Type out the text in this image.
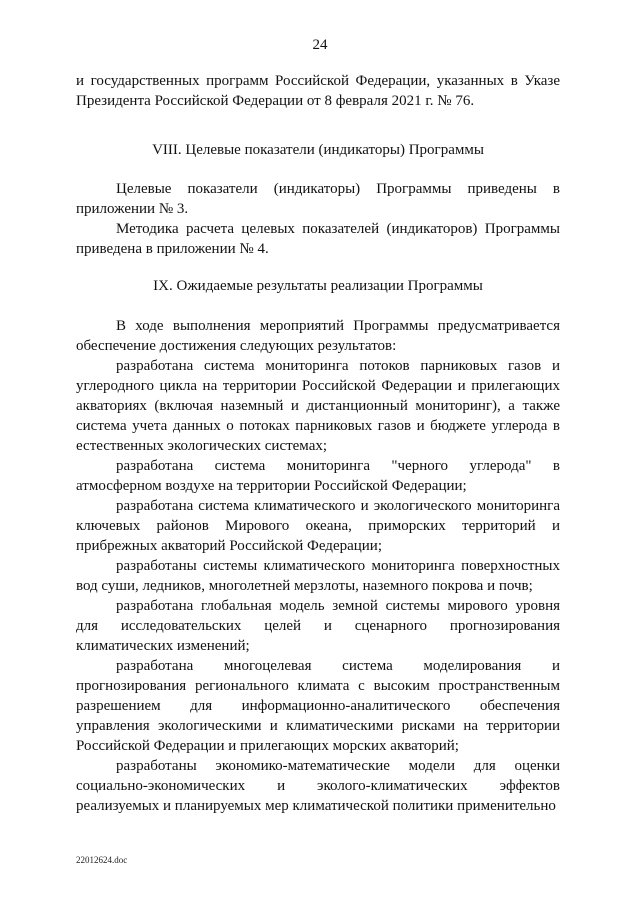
24

и государственных программ Российской Федерации, указанных в Указе Президента Российской Федерации от 8 февраля 2021 г. № 76.

VIII. Целевые показатели (индикаторы) Программы

Целевые показатели (индикаторы) Программы приведены в приложении № 3.

Методика расчета целевых показателей (индикаторов) Программы приведена в приложении № 4.

IX. Ожидаемые результаты реализации Программы

В ходе выполнения мероприятий Программы предусматривается обеспечение достижения следующих результатов:

разработана система мониторинга потоков парниковых газов и углеродного цикла на территории Российской Федерации и прилегающих акваториях (включая наземный и дистанционный мониторинг), а также система учета данных о потоках парниковых газов и бюджете углерода в естественных экологических системах;

разработана система мониторинга "черного углерода" в атмосферном воздухе на территории Российской Федерации;

разработана система климатического и экологического мониторинга ключевых районов Мирового океана, приморских территорий и прибрежных акваторий Российской Федерации;

разработаны системы климатического мониторинга поверхностных вод суши, ледников, многолетней мерзлоты, наземного покрова и почв;

разработана глобальная модель земной системы мирового уровня для исследовательских целей и сценарного прогнозирования климатических изменений;

разработана многоцелевая система моделирования и прогнозирования регионального климата с высоким пространственным разрешением для информационно-аналитического обеспечения управления экологическими и климатическими рисками на территории Российской Федерации и прилегающих морских акваторий;

разработаны экономико-математические модели для оценки социально-экономических и эколого-климатических эффектов реализуемых и планируемых мер климатической политики применительно

22012624.doc
